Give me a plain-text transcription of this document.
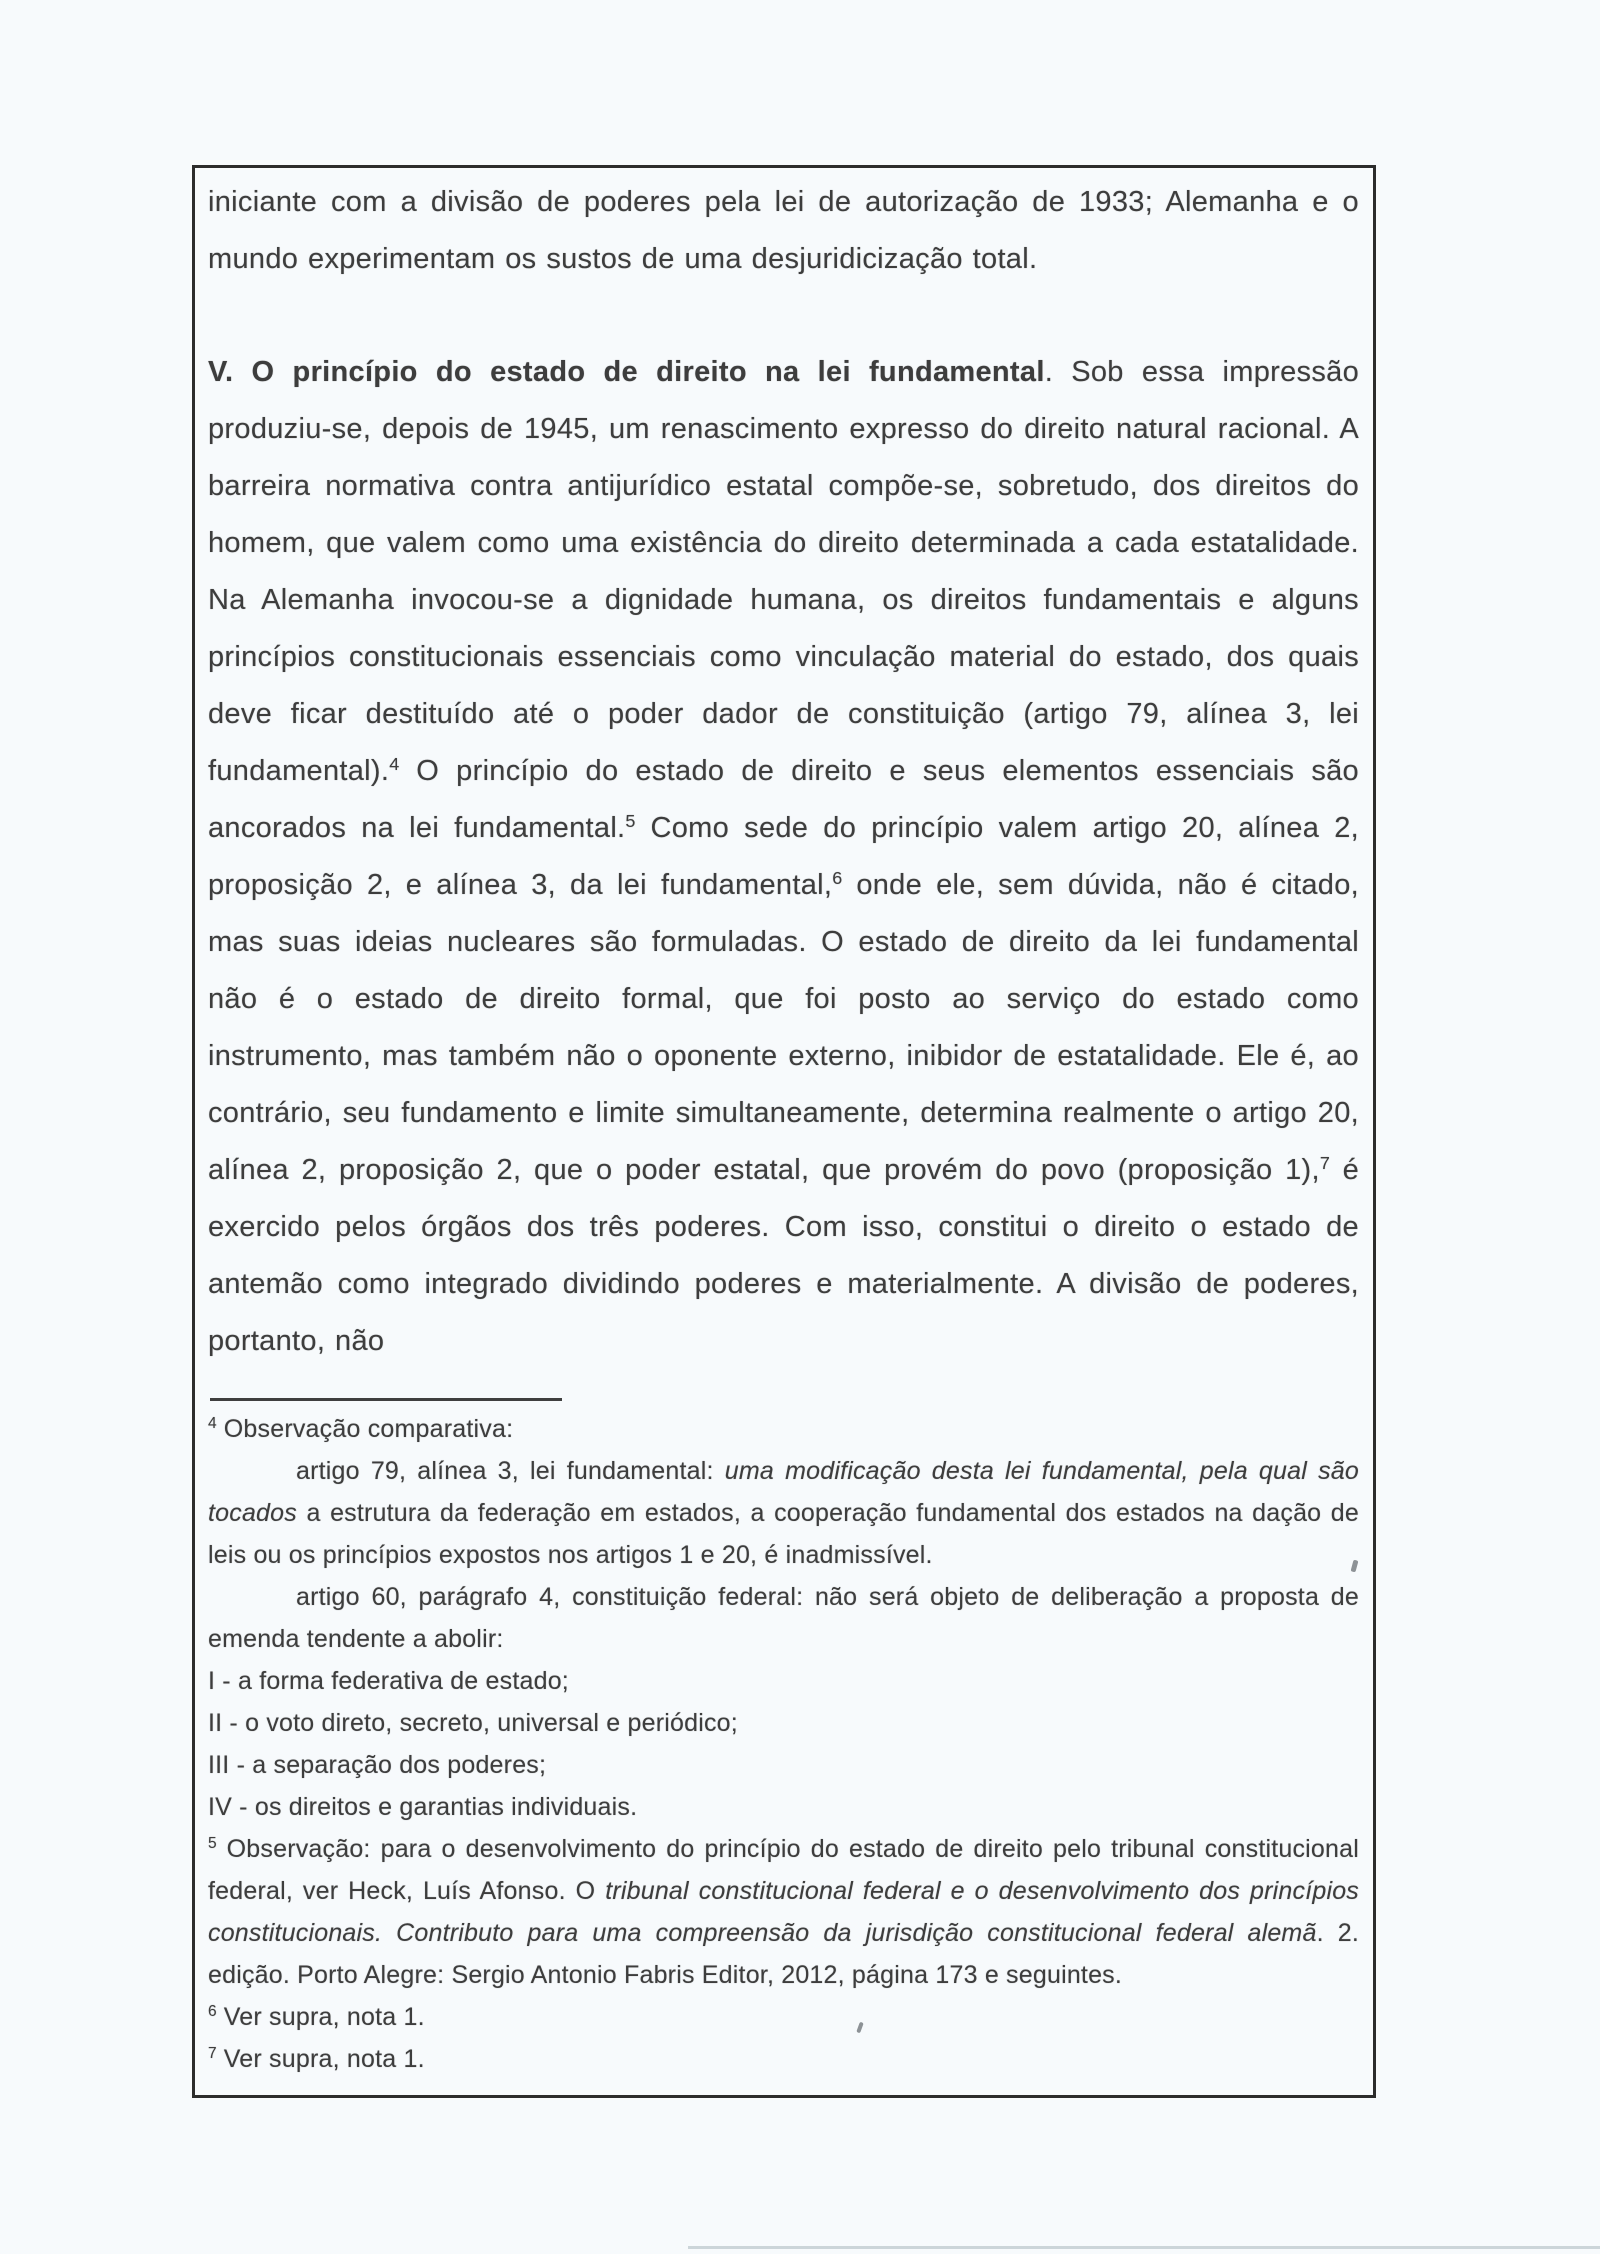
iniciante com a divisão de poderes pela lei de autorização de 1933; Alemanha e o mundo experimentam os sustos de uma desjuridicização total.

V. O princípio do estado de direito na lei fundamental. Sob essa impressão produziu-se, depois de 1945, um renascimento expresso do direito natural racional. A barreira normativa contra antijurídico estatal compõe-se, sobretudo, dos direitos do homem, que valem como uma existência do direito determinada a cada estatalidade. Na Alemanha invocou-se a dignidade humana, os direitos fundamentais e alguns princípios constitucionais essenciais como vinculação material do estado, dos quais deve ficar destituído até o poder dador de constituição (artigo 79, alínea 3, lei fundamental).$^4$ O princípio do estado de direito e seus elementos essenciais são ancorados na lei fundamental.$^5$ Como sede do princípio valem artigo 20, alínea 2, proposição 2, e alínea 3, da lei fundamental,$^6$ onde ele, sem dúvida, não é citado, mas suas ideias nucleares são formuladas. O estado de direito da lei fundamental não é o estado de direito formal, que foi posto ao serviço do estado como instrumento, mas também não o oponente externo, inibidor de estatalidade. Ele é, ao contrário, seu fundamento e limite simultaneamente, determina realmente o artigo 20, alínea 2, proposição 2, que o poder estatal, que provém do povo (proposição 1),$^7$ é exercido pelos órgãos dos três poderes. Com isso, constitui o direito o estado de antemão como integrado dividindo poderes e materialmente. A divisão de poderes, portanto, não

$^4$ Observação comparativa:

artigo 79, alínea 3, lei fundamental: uma modificação desta lei fundamental, pela qual são tocados a estrutura da federação em estados, a cooperação fundamental dos estados na dação de leis ou os princípios expostos nos artigos 1 e 20, é inadmissível.

artigo 60, parágrafo 4, constituição federal: não será objeto de deliberação a proposta de emenda tendente a abolir:

I - a forma federativa de estado;

II - o voto direto, secreto, universal e periódico;

III - a separação dos poderes;

IV - os direitos e garantias individuais.

$^5$ Observação: para o desenvolvimento do princípio do estado de direito pelo tribunal constitucional federal, ver Heck, Luís Afonso. O tribunal constitucional federal e o desenvolvimento dos princípios constitucionais. Contributo para uma compreensão da jurisdição constitucional federal alemã. 2. edição. Porto Alegre: Sergio Antonio Fabris Editor, 2012, página 173 e seguintes.

$^6$ Ver supra, nota 1.

$^7$ Ver supra, nota 1.
